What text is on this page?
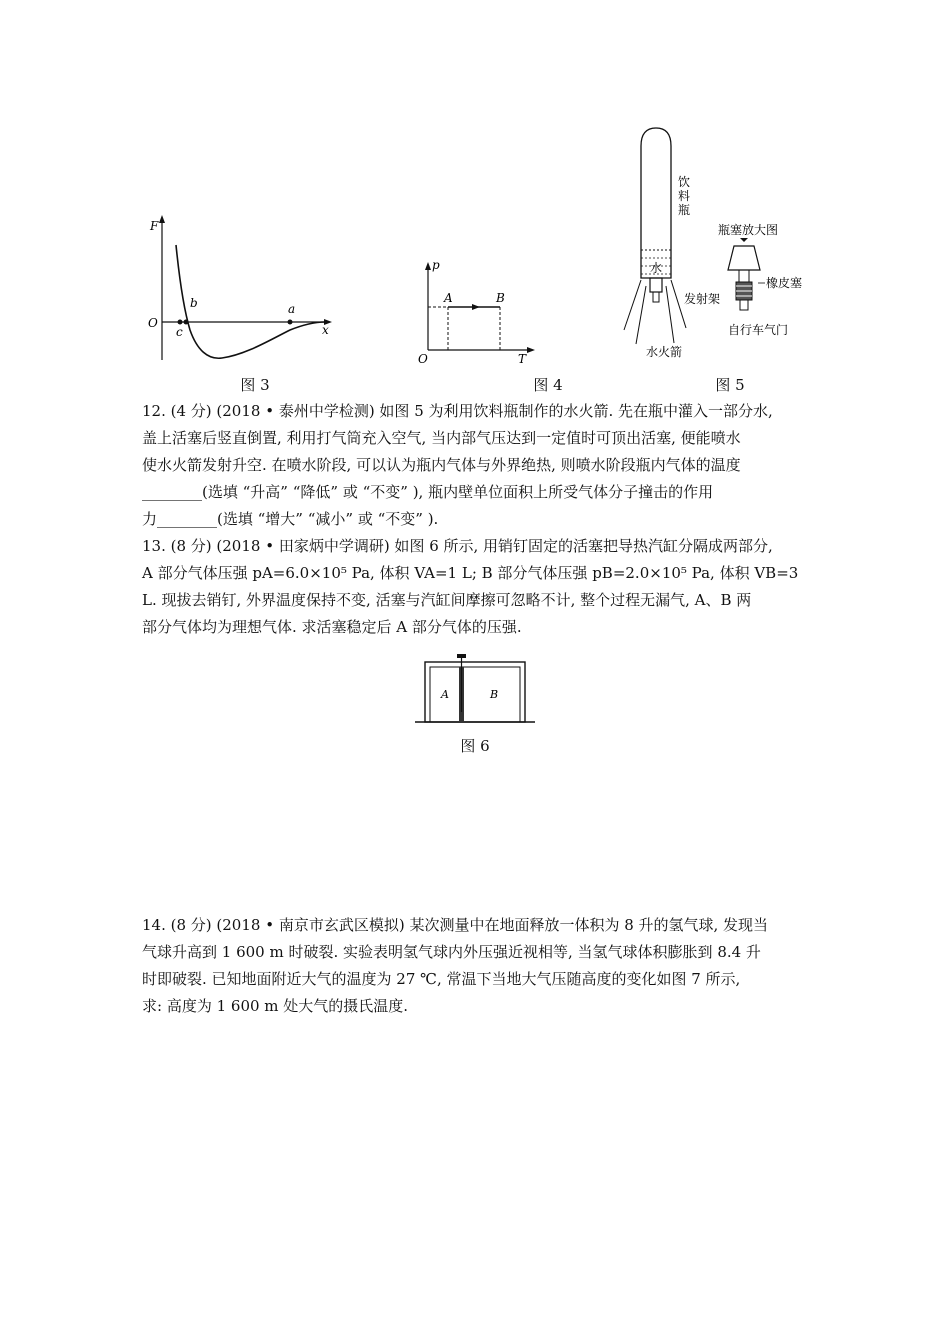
F
O	x
c
b	a
图 3
p
O	T
A	B
图 4
水
饮
料
瓶
发射架
水火箭
瓶塞放大图
橡皮塞
自行车气门
图 5

12. (4 分) (2018 • 泰州中学检测) 如图 5 为利用饮料瓶制作的水火箭. 先在瓶中灌入一部分水,

盖上活塞后竖直倒置, 利用打气筒充入空气, 当内部气压达到一定值时可顶出活塞, 便能喷水

使水火箭发射升空. 在喷水阶段, 可以认为瓶内气体与外界绝热, 则喷水阶段瓶内气体的温度

________(选填 “升高” “降低” 或 “不变” ), 瓶内壁单位面积上所受气体分子撞击的作用

力________(选填 “增大” “减小” 或 “不变” ).

13. (8 分) (2018 • 田家炳中学调研) 如图 6 所示, 用销钉固定的活塞把导热汽缸分隔成两部分,

A 部分气体压强 pA=6.0×10⁵ Pa, 体积 VA=1 L; B 部分气体压强 pB=2.0×10⁵ Pa, 体积 VB=3

L. 现拔去销钉, 外界温度保持不变, 活塞与汽缸间摩擦可忽略不计, 整个过程无漏气, A、B 两

部分气体均为理想气体. 求活塞稳定后 A 部分气体的压强.

A	B
图 6

14. (8 分) (2018 • 南京市玄武区模拟) 某次测量中在地面释放一体积为 8 升的氢气球, 发现当

气球升高到 1 600 m 时破裂. 实验表明氢气球内外压强近视相等, 当氢气球体积膨胀到 8.4 升

时即破裂. 已知地面附近大气的温度为 27 ℃, 常温下当地大气压随高度的变化如图 7 所示,

求: 高度为 1 600 m 处大气的摄氏温度.
